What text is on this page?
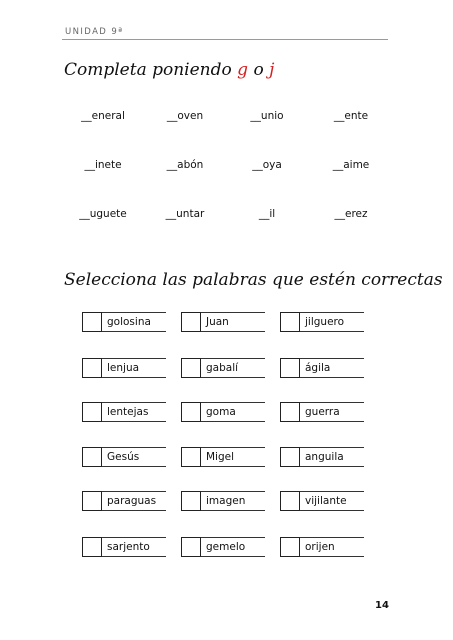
UNIDAD 9ª
Completa poniendo g o j
__eneral	__oven	__unio	__ente
__inete	__abón	__oya	__aime
__uguete	__untar	__il	__erez
Selecciona las palabras que estén correctas
golosina	Juan	jilguero
lenjua	gabalí	ágila
lentejas	goma	guerra
Gesús	Migel	anguila
paraguas	imagen	vijilante
sarjento	gemelo	orijen
14
